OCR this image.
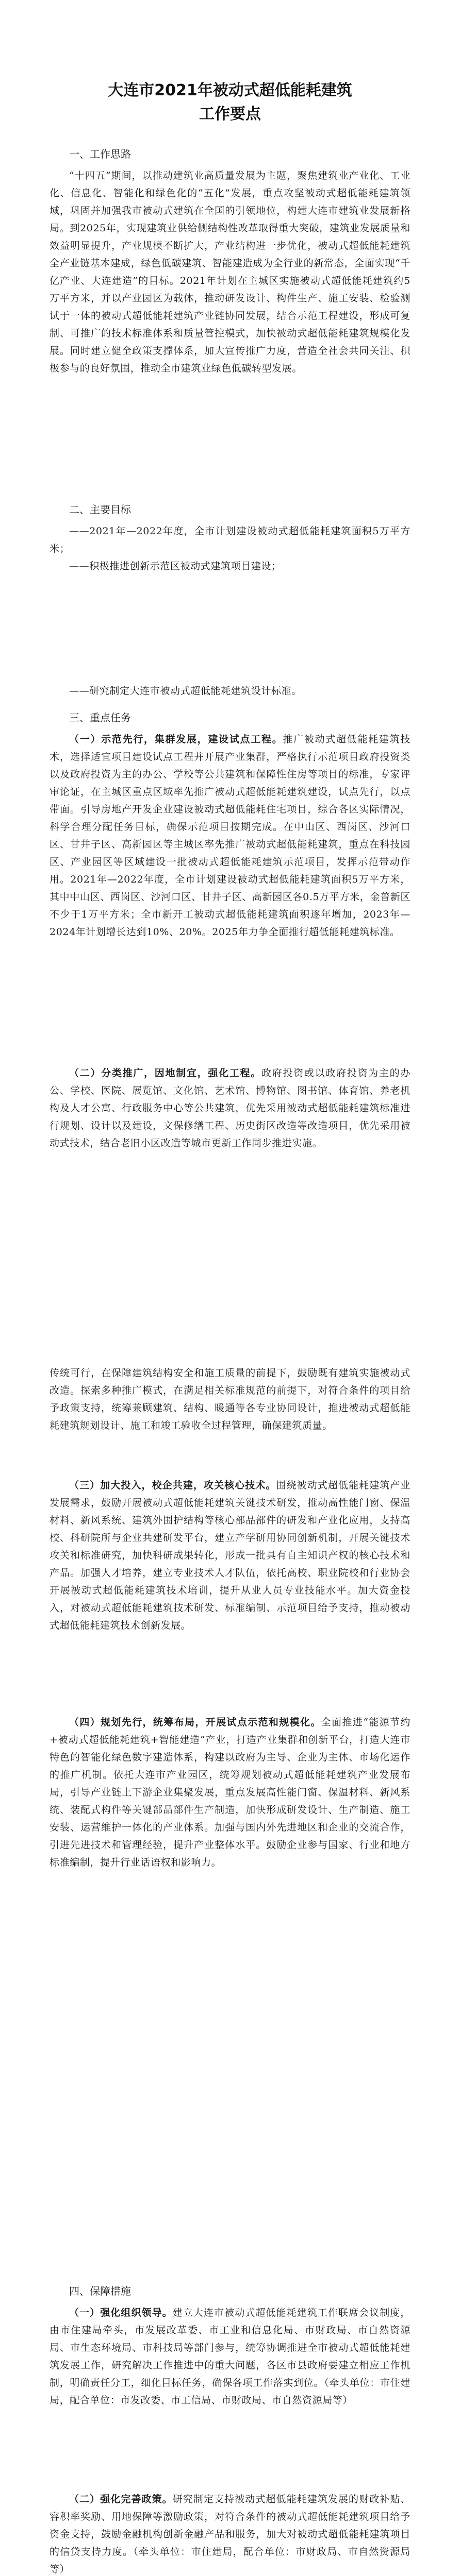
大连市2021年被动式超低能耗建筑
工作要点

一、工作思路

“十四五”期间，以推动建筑业高质量发展为主题，聚焦建筑业产业化、工业化、信息化、智能化和绿色化的“五化”发展，重点攻坚被动式超低能耗建筑领域，巩固并加强我市被动式建筑在全国的引领地位，构建大连市建筑业发展新格局。到2025年，实现建筑业供给侧结构性改革取得重大突破，建筑业发展质量和效益明显提升，产业规模不断扩大，产业结构进一步优化，被动式超低能耗建筑全产业链基本建成，绿色低碳建筑、智能建造成为全行业的新常态，全面实现“千亿产业、大连建造”的目标。2021年计划在主城区实施被动式超低能耗建筑约5万平方米，并以产业园区为载体，推动研发设计、构件生产、施工安装、检验测试于一体的被动式超低能耗建筑产业链协同发展，结合示范工程建设，形成可复制、可推广的技术标准体系和质量管控模式，加快被动式超低能耗建筑规模化发展。同时建立健全政策支撑体系，加大宣传推广力度，营造全社会共同关注、积极参与的良好氛围，推动全市建筑业绿色低碳转型发展。

二、主要目标

——2021年—2022年度，全市计划建设被动式超低能耗建筑面积5万平方米；

——积极推进创新示范区被动式建筑项目建设；

——研究制定大连市被动式超低能耗建筑设计标准。

三、重点任务

（一）示范先行，集群发展，建设试点工程。推广被动式超低能耗建筑技术，选择适宜项目建设试点工程并开展产业集群，严格执行示范项目政府投资类以及政府投资为主的办公、学校等公共建筑和保障性住房等项目的标准，专家评审论证，在主城区重点区域率先推广被动式超低能耗建筑建设，试点先行，以点带面。引导房地产开发企业建设被动式超低能耗住宅项目，综合各区实际情况，科学合理分配任务目标，确保示范项目按期完成。在中山区、西岗区、沙河口区、甘井子区、高新园区等主城区率先推广被动式超低能耗建筑，重点在科技园区、产业园区等区域建设一批被动式超低能耗建筑示范项目，发挥示范带动作用。2021年—2022年度，全市计划建设被动式超低能耗建筑面积5万平方米，其中中山区、西岗区、沙河口区、甘井子区、高新园区各0.5万平方米，金普新区不少于1万平方米；全市新开工被动式超低能耗建筑面积逐年增加，2023年—2024年计划增长达到10%、20%。2025年力争全面推行超低能耗建筑标准。

（二）分类推广，因地制宜，强化工程。政府投资或以政府投资为主的办公、学校、医院、展览馆、文化馆、艺术馆、博物馆、图书馆、体育馆、养老机构及人才公寓、行政服务中心等公共建筑，优先采用被动式超低能耗建筑标准进行规划、设计以及建设，文保修缮工程、历史街区改造等改造项目，优先采用被动式技术，结合老旧小区改造等城市更新工作同步推进实施。

传统可行，在保障建筑结构安全和施工质量的前提下，鼓励既有建筑实施被动式改造。探索多种推广模式，在满足相关标准规范的前提下，对符合条件的项目给予政策支持，统筹兼顾建筑、结构、暖通等各专业协同设计，推进被动式超低能耗建筑规划设计、施工和竣工验收全过程管理，确保建筑质量。

（三）加大投入，校企共建，攻关核心技术。围绕被动式超低能耗建筑产业发展需求，鼓励开展被动式超低能耗建筑关键技术研发，推动高性能门窗、保温材料、新风系统、建筑外围护结构等核心部品部件的研发和产业化应用，支持高校、科研院所与企业共建研发平台，建立产学研用协同创新机制，开展关键技术攻关和标准研究，加快科研成果转化，形成一批具有自主知识产权的核心技术和产品。加强人才培养，建立专业技术人才队伍，依托高校、职业院校和行业协会开展被动式超低能耗建筑技术培训，提升从业人员专业技能水平。加大资金投入，对被动式超低能耗建筑技术研发、标准编制、示范项目给予支持，推动被动式超低能耗建筑技术创新发展。

（四）规划先行，统筹布局，开展试点示范和规模化。全面推进“能源节约+被动式超低能耗建筑+智能建造”产业，打造产业集群和创新平台，打造大连市特色的智能化绿色数字建造体系，构建以政府为主导、企业为主体、市场化运作的推广机制。依托大连市产业园区，统筹规划被动式超低能耗建筑产业发展布局，引导产业链上下游企业集聚发展，重点发展高性能门窗、保温材料、新风系统、装配式构件等关键部品部件生产制造，加快形成研发设计、生产制造、施工安装、运营维护一体化的产业体系。加强与国内外先进地区和企业的交流合作，引进先进技术和管理经验，提升产业整体水平。鼓励企业参与国家、行业和地方标准编制，提升行业话语权和影响力。

四、保障措施

（一）强化组织领导。建立大连市被动式超低能耗建筑工作联席会议制度，由市住建局牵头，市发展改革委、市工业和信息化局、市财政局、市自然资源局、市生态环境局、市科技局等部门参与，统筹协调推进全市被动式超低能耗建筑发展工作，研究解决工作推进中的重大问题，各区市县政府要建立相应工作机制，明确责任分工，细化目标任务，确保各项工作落实到位。（牵头单位：市住建局，配合单位：市发改委、市工信局、市财政局、市自然资源局等）

（二）强化完善政策。研究制定支持被动式超低能耗建筑发展的财政补贴、容积率奖励、用地保障等激励政策，对符合条件的被动式超低能耗建筑项目给予资金支持，鼓励金融机构创新金融产品和服务，加大对被动式超低能耗建筑项目的信贷支持力度。（牵头单位：市住建局，配合单位：市财政局、市自然资源局等）
